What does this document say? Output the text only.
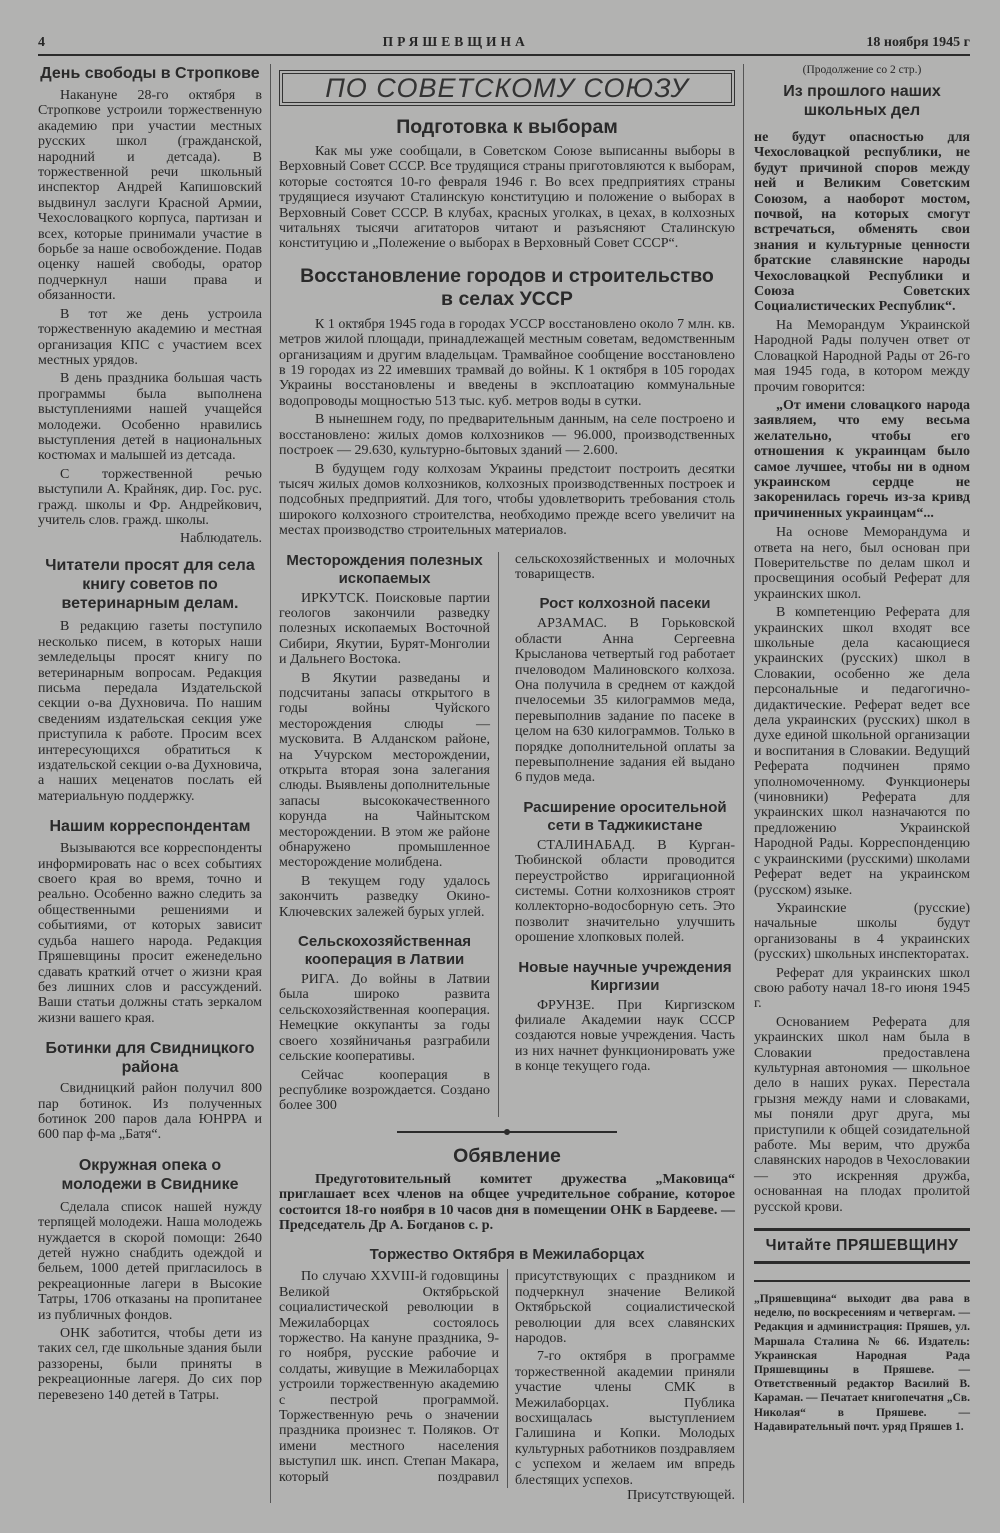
4	ПРЯШЕВЩИНА	18 ноября 1945 г
День свободы в Стропкове

Накануне 28-го октября в Стропкове устроили торжественную академию при участии местных русских школ (гражданской, народний и детсада). В торжественной речи школьный инспектор Андрей Капишовский выдвинул заслуги Красной Армии, Чехословацкого корпуса, партизан и всех, которые принимали участие в борьбе за наше освобождение. Подав оценку нашей свободы, оратор подчеркнул наши права и обязанности.

В тот же день устроила торжественную академию и местная организация КПС с участием всех местных урядов.

В день праздника большая часть программы была выполнена выступлениями нашей учащейся молодежи. Особенно нравились выступления детей в национальных костюмах и малышей из детсада.

С торжественной речью выступили А. Крайняк, дир. Гос. рус. гражд. школы и Фр. Андрейкович, учитель слов. гражд. школы.

Наблюдатель.
Читатели просят для села книгу советов по ветеринарным делам.

В редакцию газеты поступило несколько писем, в которых наши земледельцы просят книгу по ветеринарным вопросам. Редакция письма передала Издательской секции о-ва Духновича. По нашим сведениям издательская секция уже приступила к работе. Просим всех интересующихся обратиться к издательской секции о-ва Духновича, а наших меценатов послать ей материальную поддержку.

Нашим корреспондентам

Вызываются все корреспонденты информировать нас о всех событиях своего края во время, точно и реально. Особенно важно следить за общественными решениями и событиями, от которых зависит судьба нашего народа. Редакция Пряшевщины просит еженедельно сдавать краткий отчет о жизни края без лишних слов и рассуждений. Ваши статьи должны стать зеркалом жизни вашего края.

Ботинки для Свидницкого района

Свидницкий район получил 800 пар ботинок. Из полученных ботинок 200 паров дала ЮНРРА и 600 пар ф-ма „Батя“.

Окружная опека о молодежи в Свиднике

Сделала список нашей нужду терпящей молодежи. Наша молодежь нуждается в скорой помощи: 2640 детей нужно снабдить одеждой и бельем, 1000 детей пригласилось в рекреационные лагери в Высокие Татры, 1706 отказаны на пропитанее из публичных фондов.

ОНК заботится, чтобы дети из таких сел, где школьные здания были раззорены, были приняты в рекреационные лагеря. До сих пор перевезено 140 детей в Татры.

ПО СОВЕТСКОМУ СОЮЗУ
Подготовка к выборам

Как мы уже сообщали, в Советском Союзе выписанны выборы в Верховный Совет СССР. Все трудящися страны приготовляются к выборам, которые состоятся 10-го февраля 1946 г. Во всех предприятиях страны трудящиеся изучают Сталинскую конституцию и положение о выборах в Верховный Совет СССР. В клубах, красных уголках, в цехах, в колхозных читальнях тысячи агитаторов читают и разъясняют Сталинскую конституцию и „Полежение о выборах в Верховный Совет СССР“.

Восстановление городов и строительство в селах УССР

К 1 октября 1945 года в городах УССР восстановлено около 7 млн. кв. метров жилой площади, принадлежащей местным советам, ведомственным организациям и другим владельцам. Трамвайное сообщение восстановлено в 19 городах из 22 имевших трамвай до войны. К 1 октября в 105 городах Украины восстановлены и введены в эксплоатацию коммунальные водопроводы мощностью 513 тыс. куб. метров воды в сутки.

В нынешнем году, по предварительным данным, на селе построено и восстановлено: жилых домов колхозников — 96.000, производственных построек — 29.630, культурно-бытовых зданий — 2.600.

В будущем году колхозам Украины предстоит построить десятки тысяч жилых домов колхозников, колхозных производственных построек и подсобных предприятий. Для того, чтобы удовлетворить требования столь широкого колхозного строителства, необходимо прежде всего увеличит на местах производство строительных материалов.

Месторождения полезных ископаемых

ИРКУТСК. Поисковые партии геологов закончили разведку полезных ископаемых Восточной Сибири, Якутии, Бурят-Монголии и Дальнего Востока.

В Якутии разведаны и подсчитаны запасы открытого в годы войны Чуйского месторождения слюды — мусковита. В Алданском районе, на Учурском месторождении, открыта вторая зона залегания слюды. Выявлены дополнительные запасы высококачественного корунда на Чайнытском месторождении. В этом же районе обнаружено промышленное месторождение молибдена.

В текущем году удалось закончить разведку Окино-Ключевских залежей бурых углей.

Сельскохозяйственная кооперация в Латвии

РИГА. До войны в Латвии была широко развита сельскохозяйственная кооперация. Немецкие оккупанты за годы своего хозяйничанья разграбили сельские кооперативы.

Сейчас кооперация в республике возрождается. Создано более 300

сельскохозяйственных и молочных товариществ.

Рост колхозной пасеки

АРЗАМАС. В Горьковской области Анна Сергеевна Крысланова четвертый год работает пчеловодом Малиновского колхоза. Она получила в среднем от каждой пчелосемьи 35 килограммов меда, перевыполнив задание по пасеке в целом на 630 килограммов. Только в порядке дополнительной оплаты за перевыполнение задания ей выдано 6 пудов меда.

Расширение оросительной сети в Таджикистане

СТАЛИНАБАД. В Курган-Тюбинской области проводится переустройство ирригационной системы. Сотни колхозников строят коллекторно-водосборную сеть. Это позволит значительно улучшить орошение хлопковых полей.

Новые научные учреждения Киргизии

ФРУНЗЕ. При Киргизском филиале Академии наук СССР создаются новые учреждения. Часть из них начнет функционировать уже в конце текущего года.

Обявление

Предуготовительный комитет дружества „Маковица“ приглашает всех членов на общее учредительное собрание, которое состоится 18-го ноября в 10 часов дня в помещении ОНК в Бардееве. — Председатель Др А. Богданов с. р.

Торжество Октября в Межилаборцах

По случаю XXVIII-й годовщины Великой Октябрьской социалистической революции в Межилаборцах состоялось торжество. На кануне праздника, 9-го ноября, русские рабочие и солдаты, живущие в Межилаборцах устроили торжественную академию с пестрой программой. Торжественную речь о значении праздника произнес т. Поляков. От имени местного населения выступил шк. инсп. Степан Макара, который поздравил присутствующих с праздником и подчеркнул значение Великой Октябрьской социалистической революции для всех славянских народов.

7-го октября в программе торжественной академии приняли участие члены СМК в Межилаборцах. Публика восхищалась выступлением Галишина и Копки. Молодых культурных работников поздравляем с успехом и желаем им впредь блестящих успехов.

Присутствующей.
(Продолжение со 2 стр.)
Из прошлого наших школьных дел

не будут опасностью для Чехословацкой республики, не будут причиной споров между ней и Великим Советским Союзом, а наоборот мостом, почвой, на которых смогут встречаться, обменять свои знания и культурные ценности братские славянские народы Чехословацкой Республики и Союза Советских Социалистических Республик“.

На Меморандум Украинской Народной Рады получен ответ от Словацкой Народной Рады от 26-го мая 1945 года, в котором между прочим говорится:

„От имени словацкого народа заявляем, что ему весьма желательно, чтобы его отношения к украинцам было самое лучшее, чтобы ни в одном украинском сердце не закоренилась горечь из-за кривд причиненных украинцам“...

На основе Меморандума и ответа на него, был основан при Поверительстве по делам школ и просвещиния особый Реферат для украинских школ.

В компетенцию Реферата для украинских школ входят все школьные дела касающиеся украинских (русских) школ в Словакии, особенно же дела персональные и педагогично-дидактические. Реферат ведет все дела украинских (русских) школ в духе единой школьной организации и воспитания в Словакии. Ведущий Реферата подчинен прямо уполномоченному. Функционеры (чиновники) Реферата для украинских школ назначаются по предложению Украинской Народной Рады. Корреспонденцию с украинскими (русскими) школами Реферат ведет на украинском (русском) языке.

Украинские (русские) начальные школы будут организованы в 4 украинских (русских) школьных инспекторатах.

Реферат для украинских школ свою работу начал 18-го июня 1945 г.

Основанием Реферата для украинских школ нам была в Словакии предоставлена культурная автономия — школьное дело в наших руках. Перестала грызня между нами и словаками, мы поняли друг друга, мы приступили к общей созидательной работе. Мы верим, что дружба славянских народов в Чехословакии — это искренняя дружба, основанная на плодах пролитой русской крови.

Читайте ПРЯШЕВЩИНУ

„Пряшевщина“ выходит два рава в неделю, по воскресениям и четвергам. — Редакция и администрация: Пряшев, ул. Маршала Сталина № 66. Издатель: Украинская Народная Рада Пряшевщины в Пряшеве. — Ответственный редактор Василий В. Караман. — Печатает книгопечатня „Св. Николая“ в Пряшеве. — Надавирательный почт. уряд Пряшев 1.
